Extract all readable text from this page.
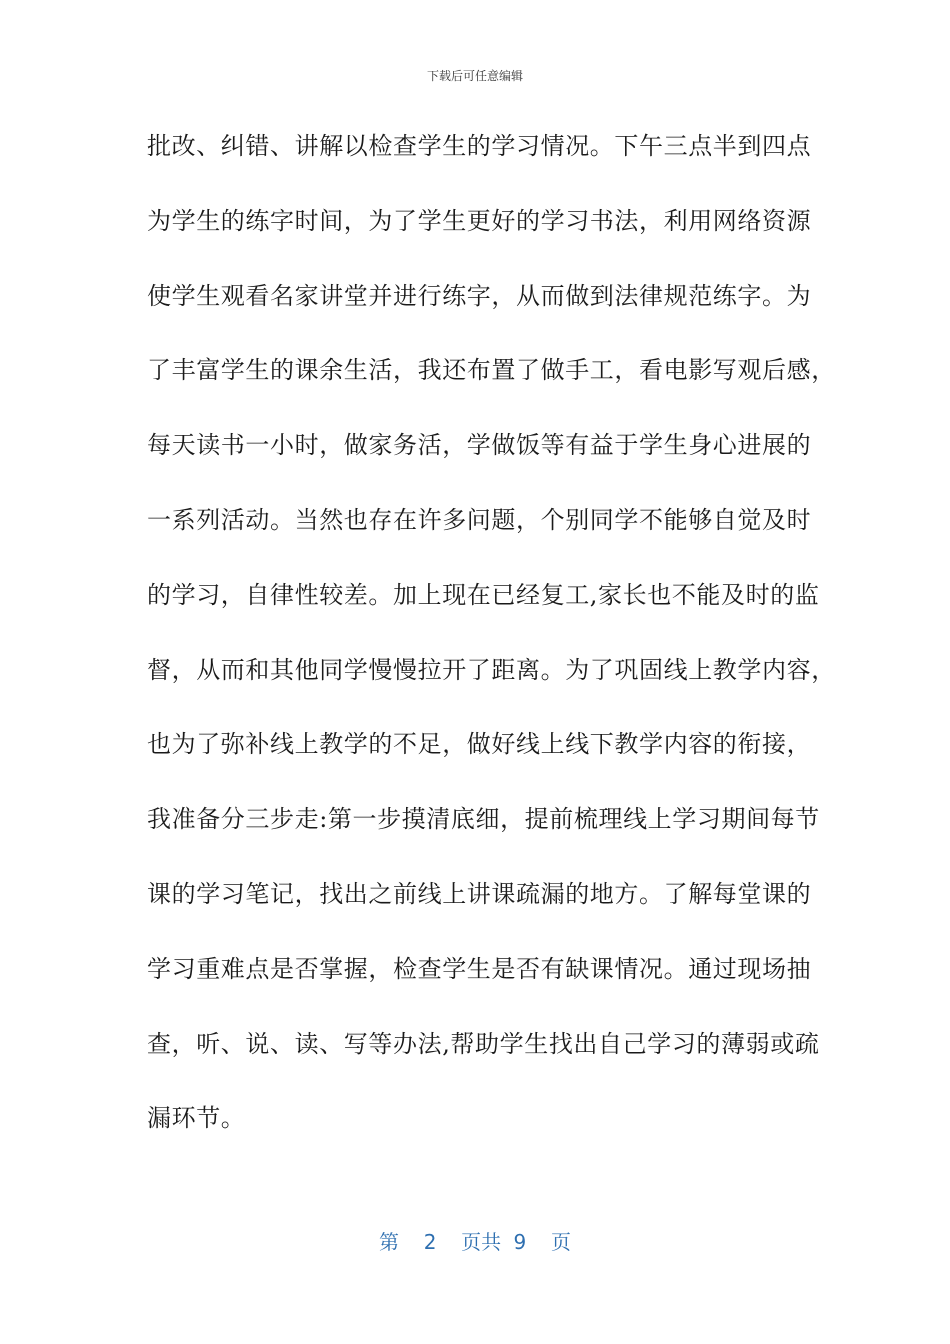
下载后可任意编辑
批改、纠错、讲解以检查学生的学习情况。下午三点半到四点
为学生的练字时间，为了学生更好的学习书法，利用网络资源
使学生观看名家讲堂并进行练字，从而做到法律规范练字。为
了丰富学生的课余生活，我还布置了做手工，看电影写观后感，
每天读书一小时，做家务活，学做饭等有益于学生身心进展的
一系列活动。当然也存在许多问题，个别同学不能够自觉及时
的学习，自律性较差。加上现在已经复工,家长也不能及时的监
督，从而和其他同学慢慢拉开了距离。为了巩固线上教学内容，
也为了弥补线上教学的不足，做好线上线下教学内容的衔接，
我准备分三步走:第一步摸清底细，提前梳理线上学习期间每节
课的学习笔记，找出之前线上讲课疏漏的地方。了解每堂课的
学习重难点是否掌握，检查学生是否有缺课情况。通过现场抽
查，听、说、读、写等办法,帮助学生找出自己学习的薄弱或疏
漏环节。
第  2  页共 9  页
